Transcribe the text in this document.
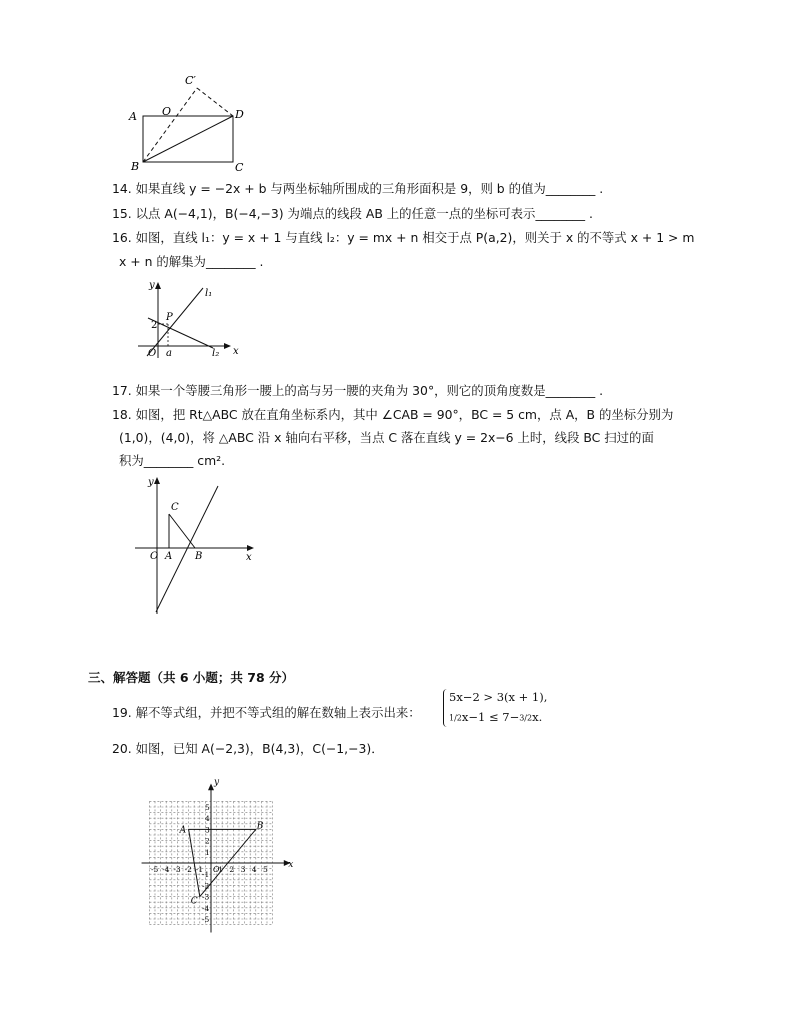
C′
A O	D
B	C
14. 如果直线 y = −2x + b 与两坐标轴所围成的三角形面积是 9，则 b 的值为________ .
15. 以点 A(−4,1)，B(−4,−3) 为端点的线段 AB 上的任意一点的坐标可表示________ .
16. 如图，直线 l₁：y = x + 1 与直线 l₂：y = mx + n 相交于点 P(a,2)，则关于 x 的不等式 x + 1 > m
x + n 的解集为________ .
y
l₁
P
2
O a	l₂ x
17. 如果一个等腰三角形一腰上的高与另一腰的夹角为 30°，则它的顶角度数是________ .
18. 如图，把 Rt△ABC 放在直角坐标系内，其中 ∠CAB = 90°，BC = 5 cm，点 A，B 的坐标分别为
(1,0)，(4,0)，将 △ABC 沿 x 轴向右平移，当点 C 落在直线 y = 2x−6 上时，线段 BC 扫过的面
积为________ cm².
y
C
O A B	x
三、解答题（共 6 小题；共 78 分）
19. 解不等式组，并把不等式组的解在数轴上表示出来：
5x−2 > 3(x + 1),
1/2x−1 ≤ 7−3/2x.
20. 如图，已知 A(−2,3)，B(4,3)，C(−1,−3)．
-5 -4 -3 -2 -1 1 2 3 4 5
5
4
3
2
1
-1
-2
-3
-4
-5
y
x
O
A	B
C
